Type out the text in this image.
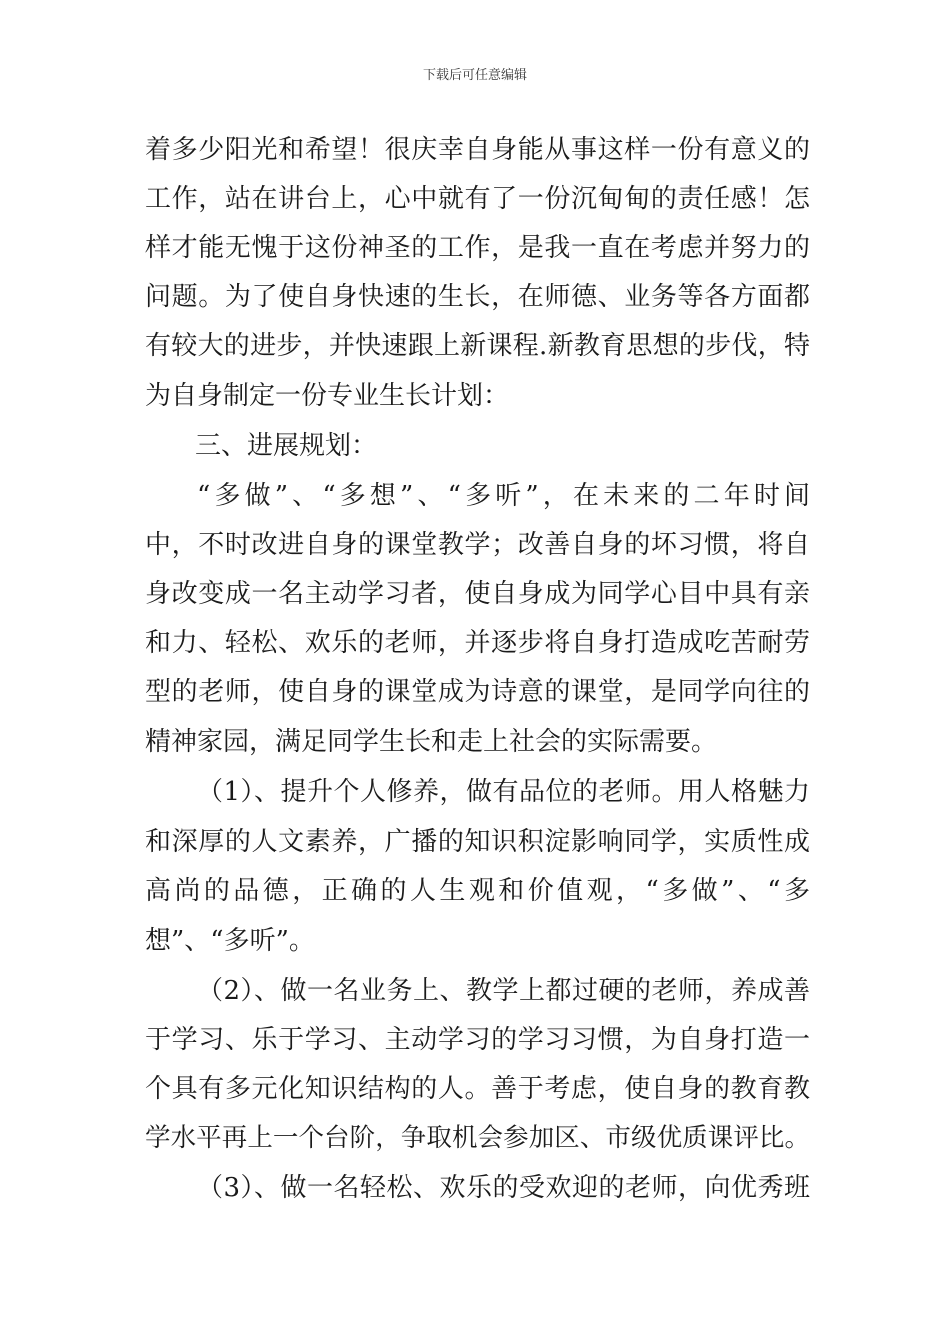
下载后可任意编辑
着多少阳光和希望！很庆幸自身能从事这样一份有意义的
工作，站在讲台上，心中就有了一份沉甸甸的责任感！怎
样才能无愧于这份神圣的工作，是我一直在考虑并努力的
问题。为了使自身快速的生长，在师德、业务等各方面都
有较大的进步，并快速跟上新课程.新教育思想的步伐，特
为自身制定一份专业生长计划：
三、进展规划：
“多做”、“多想”、“多听”，在未来的二年时间
中，不时改进自身的课堂教学；改善自身的坏习惯，将自
身改变成一名主动学习者，使自身成为同学心目中具有亲
和力、轻松、欢乐的老师，并逐步将自身打造成吃苦耐劳
型的老师，使自身的课堂成为诗意的课堂，是同学向往的
精神家园，满足同学生长和走上社会的实际需要。
（1）、提升个人修养，做有品位的老师。用人格魅力
和深厚的人文素养，广播的知识积淀影响同学，实质性成
高尚的品德，正确的人生观和价值观，“多做”、“多
想”、“多听”。
（2）、做一名业务上、教学上都过硬的老师，养成善
于学习、乐于学习、主动学习的学习习惯，为自身打造一
个具有多元化知识结构的人。善于考虑，使自身的教育教
学水平再上一个台阶，争取机会参加区、市级优质课评比。
（3）、做一名轻松、欢乐的受欢迎的老师，向优秀班
